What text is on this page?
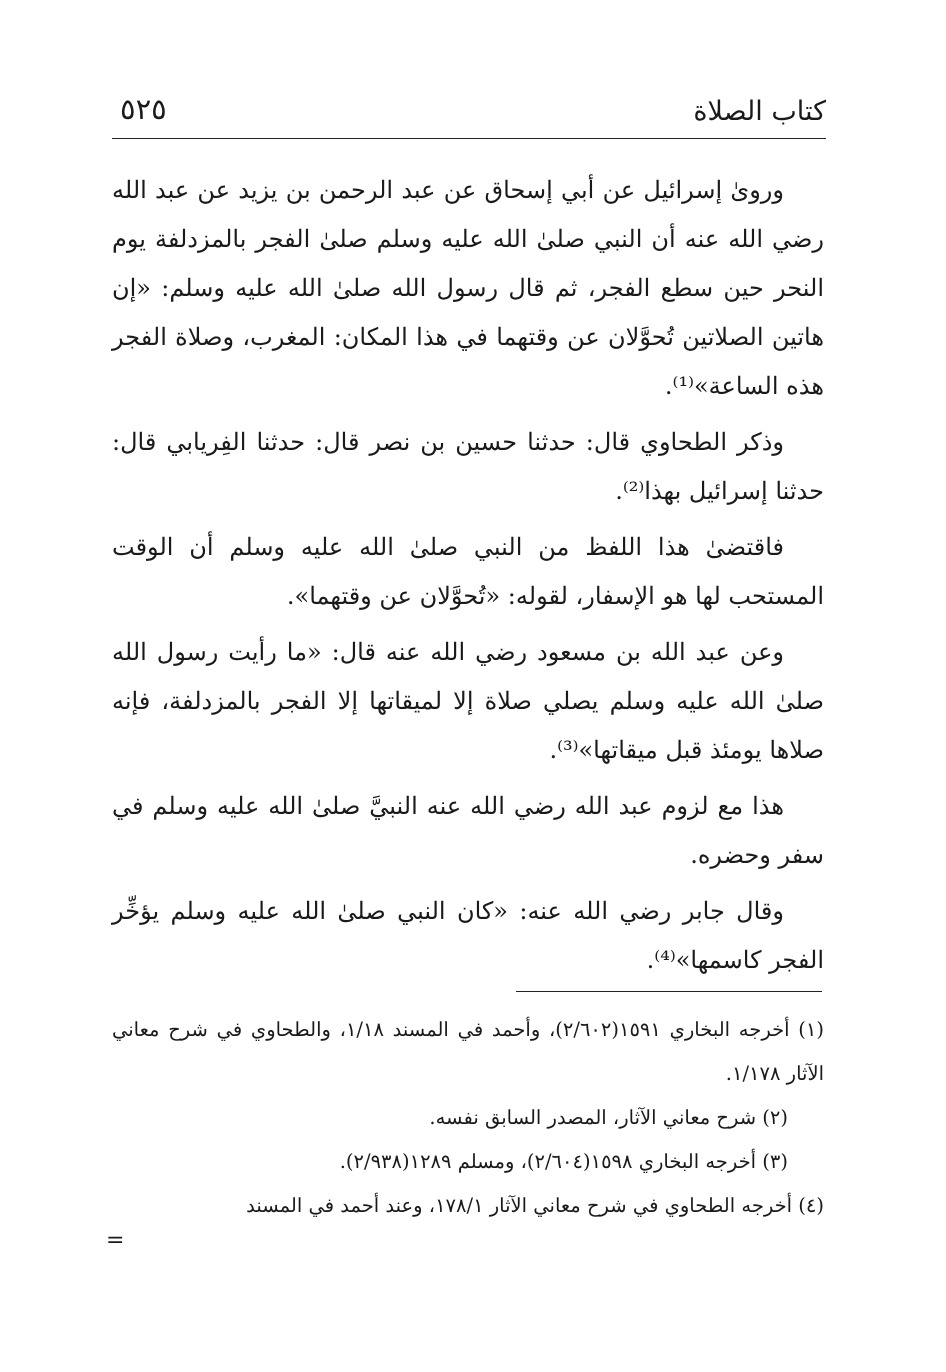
كتاب الصلاة
٥٢٥

ورویٰ إسرائيل عن أبي إسحاق عن عبد الرحمن بن يزيد عن عبد الله رضي الله عنه أن النبي صلىٰ الله عليه وسلم صلىٰ الفجر بالمزدلفة يوم النحر حين سطع الفجر، ثم قال رسول الله صلىٰ الله عليه وسلم: «إن هاتين الصلاتين تُحوَّلان عن وقتهما في هذا المكان: المغرب، وصلاة الفجر هذه الساعة»⁽¹⁾.

وذكر الطحاوي قال: حدثنا حسين بن نصر قال: حدثنا الفِريابي قال: حدثنا إسرائيل بهذا⁽²⁾.

فاقتضىٰ هذا اللفظ من النبي صلىٰ الله عليه وسلم أن الوقت المستحب لها هو الإسفار، لقوله: «تُحوَّلان عن وقتهما».

وعن عبد الله بن مسعود رضي الله عنه قال: «ما رأيت رسول الله صلىٰ الله عليه وسلم يصلي صلاة إلا لميقاتها إلا الفجر بالمزدلفة، فإنه صلاها يومئذ قبل ميقاتها»⁽³⁾.

هذا مع لزوم عبد الله رضي الله عنه النبيَّ صلىٰ الله عليه وسلم في سفر وحضره.

وقال جابر رضي الله عنه: «كان النبي صلىٰ الله عليه وسلم يؤخِّر الفجر كاسمها»⁽⁴⁾.

(١) أخرجه البخاري ١٥٩١(٢/٦٠٢)، وأحمد في المسند ١/١٨، والطحاوي في شرح معاني الآثار ١/١٧٨.

(٢) شرح معاني الآثار، المصدر السابق نفسه.

(٣) أخرجه البخاري ١٥٩٨(٢/٦٠٤)، ومسلم ١٢٨٩(٢/٩٣٨).

(٤) أخرجه الطحاوي في شرح معاني الآثار ١٧٨/١، وعند أحمد في المسند

=
